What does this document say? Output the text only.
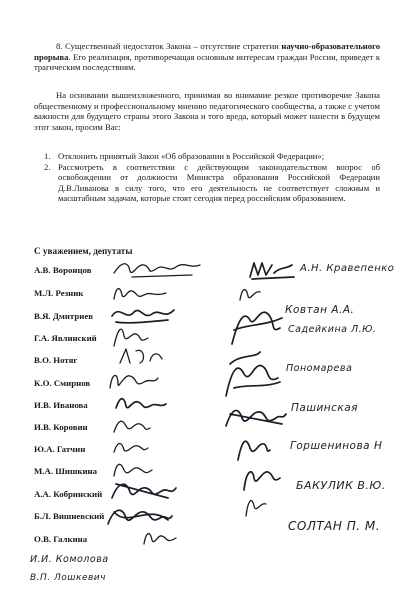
8. Существенный недостаток Закона – отсутствие стратегии научно-образовательного прорыва. Его реализация, противоречащая основным интересам граждан России, приведет к трагическим последствиям.
На основании вышеизложенного, принимая во внимание резкое противоречие Закона общественному и профессиональному мнению педагогического сообщества, а также с учетом важности для будущего страны этого Закона и того вреда, который может нанести в будущем этот закон, просим Вас:
1. Отклонить принятый Закон «Об образовании в Российской Федерации»;
2. Рассмотреть в соответствии с действующим законодательством вопрос об освобождении от должности Министра образования Российской Федерации Д.В.Ливанова в силу того, что его деятельность не соответствует сложным и масштабным задачам, которые стоят сегодня перед российским образованием.
С уважением, депутаты
А.В. Воронцов
М.Л. Резник
В.Я. Дмитриев
Г.А. Явлинский
В.О. Нотяг
К.О. Смирнов
И.В. Иванова
И.В. Коровин
Ю.А. Гатчин
М.А. Шишкина
А.А. Кобринский
Б.Л. Вишневский
О.В. Галкина
И.И. Комолова
В.П. Лошкевич
А.Н. Кравепенко
Ковтан А.А.
Садейкина Л.Ю.
Пономарева
Пашинская
Горшенинова Н
БАКУЛИК В.Ю.
СОЛТАН П. М.
